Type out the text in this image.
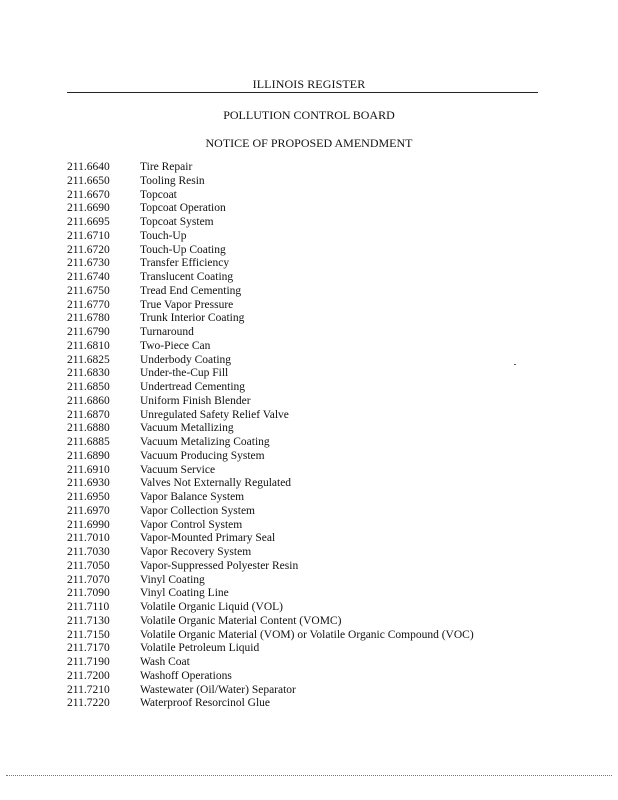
ILLINOIS REGISTER
POLLUTION CONTROL BOARD
NOTICE OF PROPOSED AMENDMENT
211.6640	Tire Repair
211.6650	Tooling Resin
211.6670	Topcoat
211.6690	Topcoat Operation
211.6695	Topcoat System
211.6710	Touch-Up
211.6720	Touch-Up Coating
211.6730	Transfer Efficiency
211.6740	Translucent Coating
211.6750	Tread End Cementing
211.6770	True Vapor Pressure
211.6780	Trunk Interior Coating
211.6790	Turnaround
211.6810	Two-Piece Can
211.6825	Underbody Coating
211.6830	Under-the-Cup Fill
211.6850	Undertread Cementing
211.6860	Uniform Finish Blender
211.6870	Unregulated Safety Relief Valve
211.6880	Vacuum Metallizing
211.6885	Vacuum Metalizing Coating
211.6890	Vacuum Producing System
211.6910	Vacuum Service
211.6930	Valves Not Externally Regulated
211.6950	Vapor Balance System
211.6970	Vapor Collection System
211.6990	Vapor Control System
211.7010	Vapor-Mounted Primary Seal
211.7030	Vapor Recovery System
211.7050	Vapor-Suppressed Polyester Resin
211.7070	Vinyl Coating
211.7090	Vinyl Coating Line
211.7110	Volatile Organic Liquid (VOL)
211.7130	Volatile Organic Material Content (VOMC)
211.7150	Volatile Organic Material (VOM) or Volatile Organic Compound (VOC)
211.7170	Volatile Petroleum Liquid
211.7190	Wash Coat
211.7200	Washoff Operations
211.7210	Wastewater (Oil/Water) Separator
211.7220	Waterproof Resorcinol Glue
